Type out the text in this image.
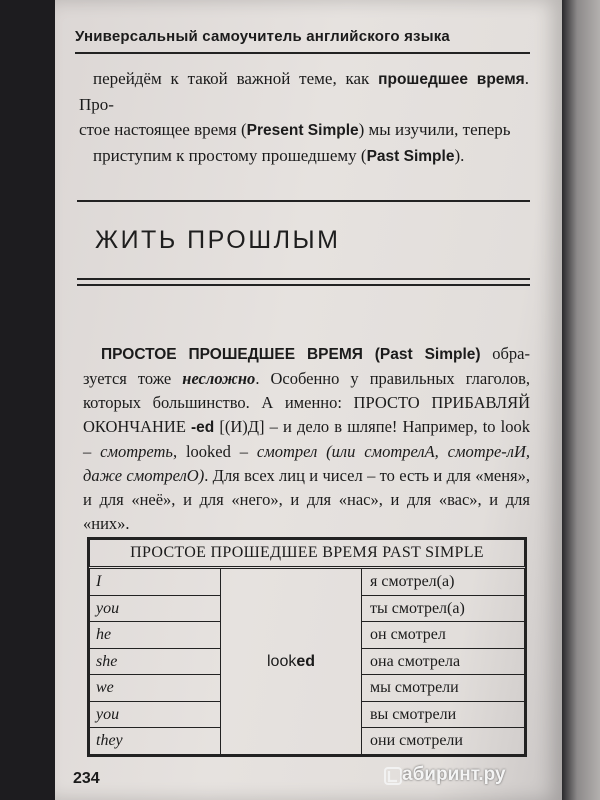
Универсальный самоучитель английского языка
перейдём к такой важной теме, как прошедшее время. Про-
стое настоящее время (Present Simple) мы изучили, теперь
приступим к простому прошедшему (Past Simple).
ЖИТЬ ПРОШЛЫМ
ПРОСТОЕ ПРОШЕДШЕЕ ВРЕМЯ (Past Simple) обра-зуется тоже несложно. Особенно у правильных глаголов, которых большинство. А именно: ПРОСТО ПРИБАВЛЯЙ ОКОНЧАНИЕ -ed [(И)Д] – и дело в шляпе! Например, to look – смотреть, looked – смотрел (или смотрелА, смотре-лИ, даже смотрелО). Для всех лиц и чисел – то есть и для «меня», и для «неё», и для «него», и для «нас», и для «вас», и для «них».
ПРОСТОЕ ПРОШЕДШЕЕ ВРЕМЯ PAST SIMPLE		
I	looked	я смотрел(а)
you		ты смотрел(а)
he		он смотрел
she		она смотрела
we		мы смотрели
you		вы смотрели
they		они смотрели
234	абиринт.ру
